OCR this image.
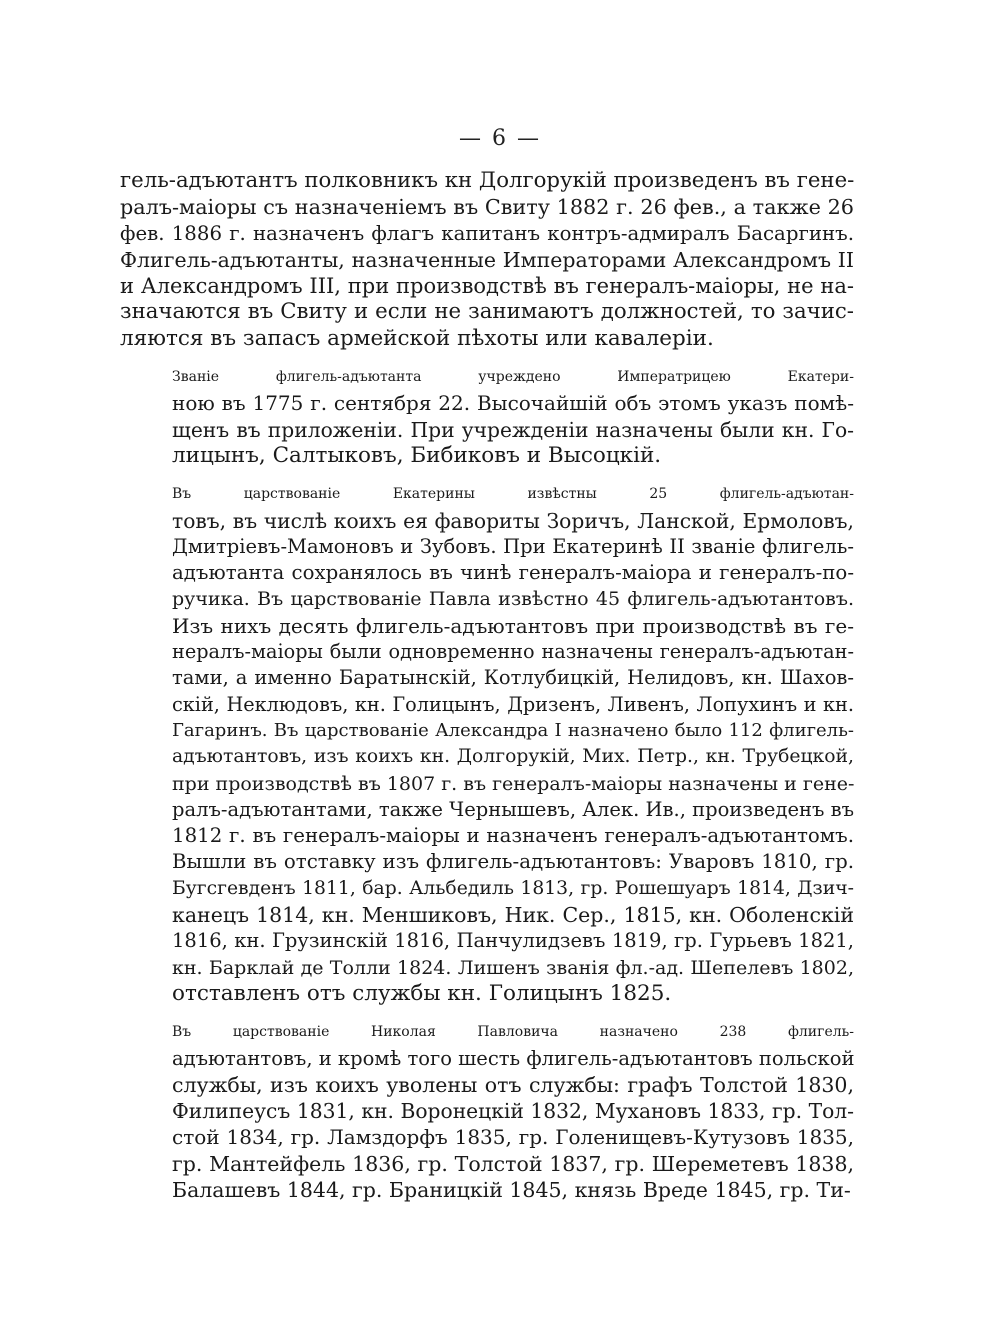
— 6 —

гель-адъютантъ полковникъ кн Долгорукій произведенъ въ гене-
ралъ-маіоры съ назначеніемъ въ Свиту 1882 г. 26 фев., а также 26
фев. 1886 г. назначенъ флагъ капитанъ контръ-адмиралъ Басаргинъ.
Флигель-адъютанты, назначенные Императорами Александромъ II
и Александромъ III, при производствѣ въ генералъ-маіоры, не на-
значаются въ Свиту и если не занимаютъ должностей, то зачис-
ляются въ запасъ армейской пѣхоты или кавалеріи.

Званіе флигель-адъютанта учреждено Императрицею Екатери-
ною въ 1775 г. сентября 22. Высочайшій объ этомъ указъ помѣ-
щенъ въ приложеніи. При учрежденіи назначены были кн. Го-
лицынъ, Салтыковъ, Бибиковъ и Высоцкій.

Въ царствованіе Екатерины извѣстны 25 флигель-адъютан-
товъ, въ числѣ коихъ ея фавориты Зоричъ, Ланской, Ермоловъ,
Дмитріевъ-Мамоновъ и Зубовъ. При Екатеринѣ II званіе флигель-
адъютанта сохранялось въ чинѣ генералъ-маіора и генералъ-по-
ручика. Въ царствованіе Павла извѣстно 45 флигель-адъютантовъ.
Изъ нихъ десять флигель-адъютантовъ при производствѣ въ ге-
нералъ-маіоры были одновременно назначены генералъ-адъютан-
тами, а именно Баратынскій, Котлубицкій, Нелидовъ, кн. Шахов-
скій, Неклюдовъ, кн. Голицынъ, Дризенъ, Ливенъ, Лопухинъ и кн.
Гагаринъ. Въ царствованіе Александра I назначено было 112 флигель-
адъютантовъ, изъ коихъ кн. Долгорукій, Мих. Петр., кн. Трубецкой,
при производствѣ въ 1807 г. въ генералъ-маіоры назначены и гене-
ралъ-адъютантами, также Чернышевъ, Алек. Ив., произведенъ въ
1812 г. въ генералъ-маіоры и назначенъ генералъ-адъютантомъ.
Вышли въ отставку изъ флигель-адъютантовъ: Уваровъ 1810, гр.
Бугсгевденъ 1811, бар. Альбедиль 1813, гр. Рошешуаръ 1814, Дзич-
канецъ 1814, кн. Меншиковъ, Ник. Сер., 1815, кн. Оболенскій
1816, кн. Грузинскій 1816, Панчулидзевъ 1819, гр. Гурьевъ 1821,
кн. Барклай де Толли 1824. Лишенъ званія фл.-ад. Шепелевъ 1802,
отставленъ отъ службы кн. Голицынъ 1825.

Въ царствованіе Николая Павловича назначено 238 флигель-
адъютантовъ, и кромѣ того шесть флигель-адъютантовъ польской
службы, изъ коихъ уволены отъ службы: графъ Толстой 1830,
Филипеусъ 1831, кн. Воронецкій 1832, Мухановъ 1833, гр. Тол-
стой 1834, гр. Ламздорфъ 1835, гр. Голенищевъ-Кутузовъ 1835,
гр. Мантейфель 1836, гр. Толстой 1837, гр. Шереметевъ 1838,
Балашевъ 1844, гр. Браницкій 1845, князь Вреде 1845, гр. Ти-
